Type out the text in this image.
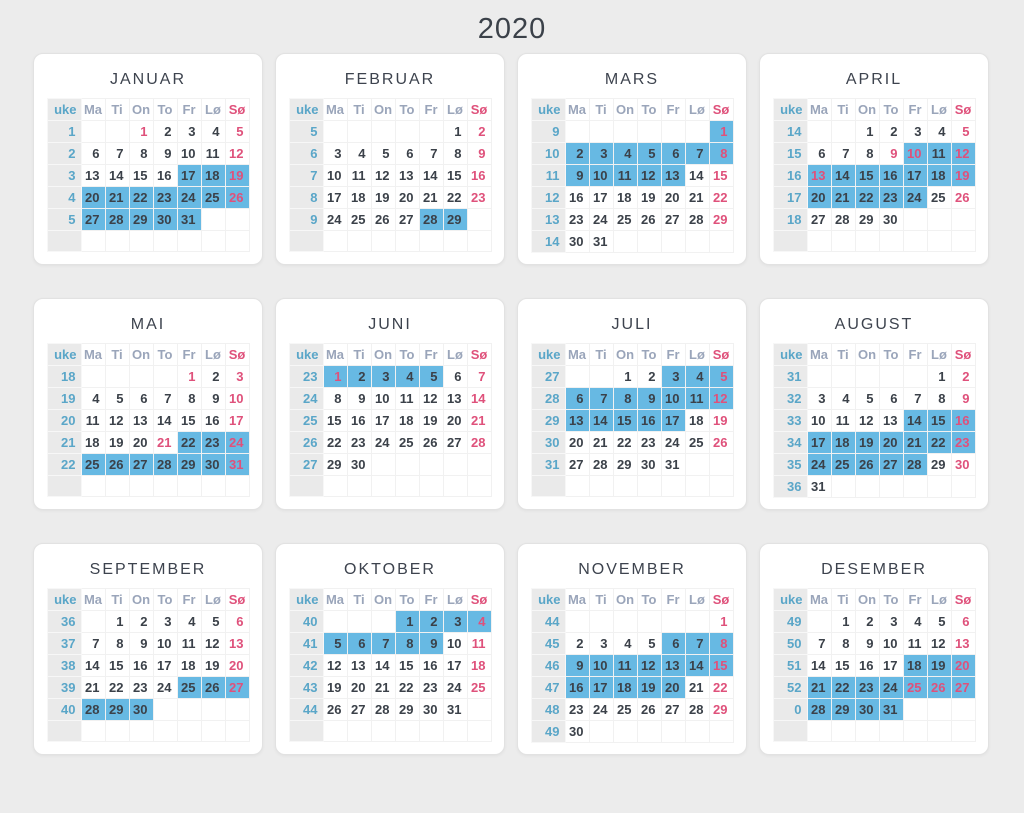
2020
JANUAR
uke	Ma	Ti	On	To	Fr	Lø	Sø
1			1	2	3	4	5
2	6	7	8	9	10	11	12
3	13	14	15	16	17	18	19
4	20	21	22	23	24	25	26
5	27	28	29	30	31		

FEBRUAR
uke	Ma	Ti	On	To	Fr	Lø	Sø
5						1	2
6	3	4	5	6	7	8	9
7	10	11	12	13	14	15	16
8	17	18	19	20	21	22	23
9	24	25	26	27	28	29	

MARS
uke	Ma	Ti	On	To	Fr	Lø	Sø
9							1
10	2	3	4	5	6	7	8
11	9	10	11	12	13	14	15
12	16	17	18	19	20	21	22
13	23	24	25	26	27	28	29
14	30	31					
APRIL
uke	Ma	Ti	On	To	Fr	Lø	Sø
14			1	2	3	4	5
15	6	7	8	9	10	11	12
16	13	14	15	16	17	18	19
17	20	21	22	23	24	25	26
18	27	28	29	30			

MAI
uke	Ma	Ti	On	To	Fr	Lø	Sø
18					1	2	3
19	4	5	6	7	8	9	10
20	11	12	13	14	15	16	17
21	18	19	20	21	22	23	24
22	25	26	27	28	29	30	31

JUNI
uke	Ma	Ti	On	To	Fr	Lø	Sø
23	1	2	3	4	5	6	7
24	8	9	10	11	12	13	14
25	15	16	17	18	19	20	21
26	22	23	24	25	26	27	28
27	29	30					

JULI
uke	Ma	Ti	On	To	Fr	Lø	Sø
27			1	2	3	4	5
28	6	7	8	9	10	11	12
29	13	14	15	16	17	18	19
30	20	21	22	23	24	25	26
31	27	28	29	30	31		

AUGUST
uke	Ma	Ti	On	To	Fr	Lø	Sø
31						1	2
32	3	4	5	6	7	8	9
33	10	11	12	13	14	15	16
34	17	18	19	20	21	22	23
35	24	25	26	27	28	29	30
36	31						
SEPTEMBER
uke	Ma	Ti	On	To	Fr	Lø	Sø
36		1	2	3	4	5	6
37	7	8	9	10	11	12	13
38	14	15	16	17	18	19	20
39	21	22	23	24	25	26	27
40	28	29	30				

OKTOBER
uke	Ma	Ti	On	To	Fr	Lø	Sø
40				1	2	3	4
41	5	6	7	8	9	10	11
42	12	13	14	15	16	17	18
43	19	20	21	22	23	24	25
44	26	27	28	29	30	31	

NOVEMBER
uke	Ma	Ti	On	To	Fr	Lø	Sø
44							1
45	2	3	4	5	6	7	8
46	9	10	11	12	13	14	15
47	16	17	18	19	20	21	22
48	23	24	25	26	27	28	29
49	30						
DESEMBER
uke	Ma	Ti	On	To	Fr	Lø	Sø
49		1	2	3	4	5	6
50	7	8	9	10	11	12	13
51	14	15	16	17	18	19	20
52	21	22	23	24	25	26	27
0	28	29	30	31			
